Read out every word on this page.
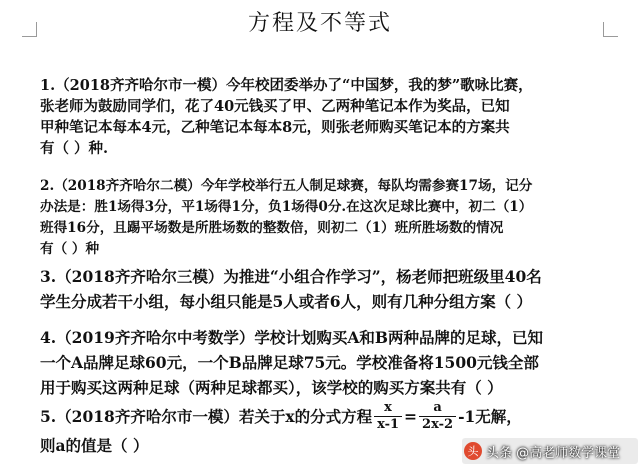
方程及不等式
1.（2018齐齐哈尔市一模）今年校团委举办了“中国梦，我的梦”歌咏比赛，
张老师为鼓励同学们，花了40元钱买了甲、乙两种笔记本作为奖品，已知
甲种笔记本每本4元，乙种笔记本每本8元，则张老师购买笔记本的方案共
有（ ）种.
2.（2018齐齐哈尔二模）今年学校举行五人制足球赛，每队均需参赛17场，记分
办法是：胜1场得3分，平1场得1分，负1场得0分.在这次足球比赛中，初二（1）
班得16分，且踢平场数是所胜场数的整数倍，则初二（1）班所胜场数的情况
有（ ）种
3.（2018齐齐哈尔三模）为推进“小组合作学习”，杨老师把班级里40名
学生分成若干小组，每小组只能是5人或者6人，则有几种分组方案（ ）
4.（2019齐齐哈尔中考数学）学校计划购买A和B两种品牌的足球，已知
一个A品牌足球60元，一个B品牌足球75元。学校准备将1500元钱全部
用于购买这两种足球（两种足球都买），该学校的购买方案共有（ ）
5.（2018齐齐哈尔市一模）若关于x的分式方程 $\frac{x}{x-1} = \frac{a}{2x-2} -1$无解，
则a的值是（ ）	头 头条 @高老师数学课堂
